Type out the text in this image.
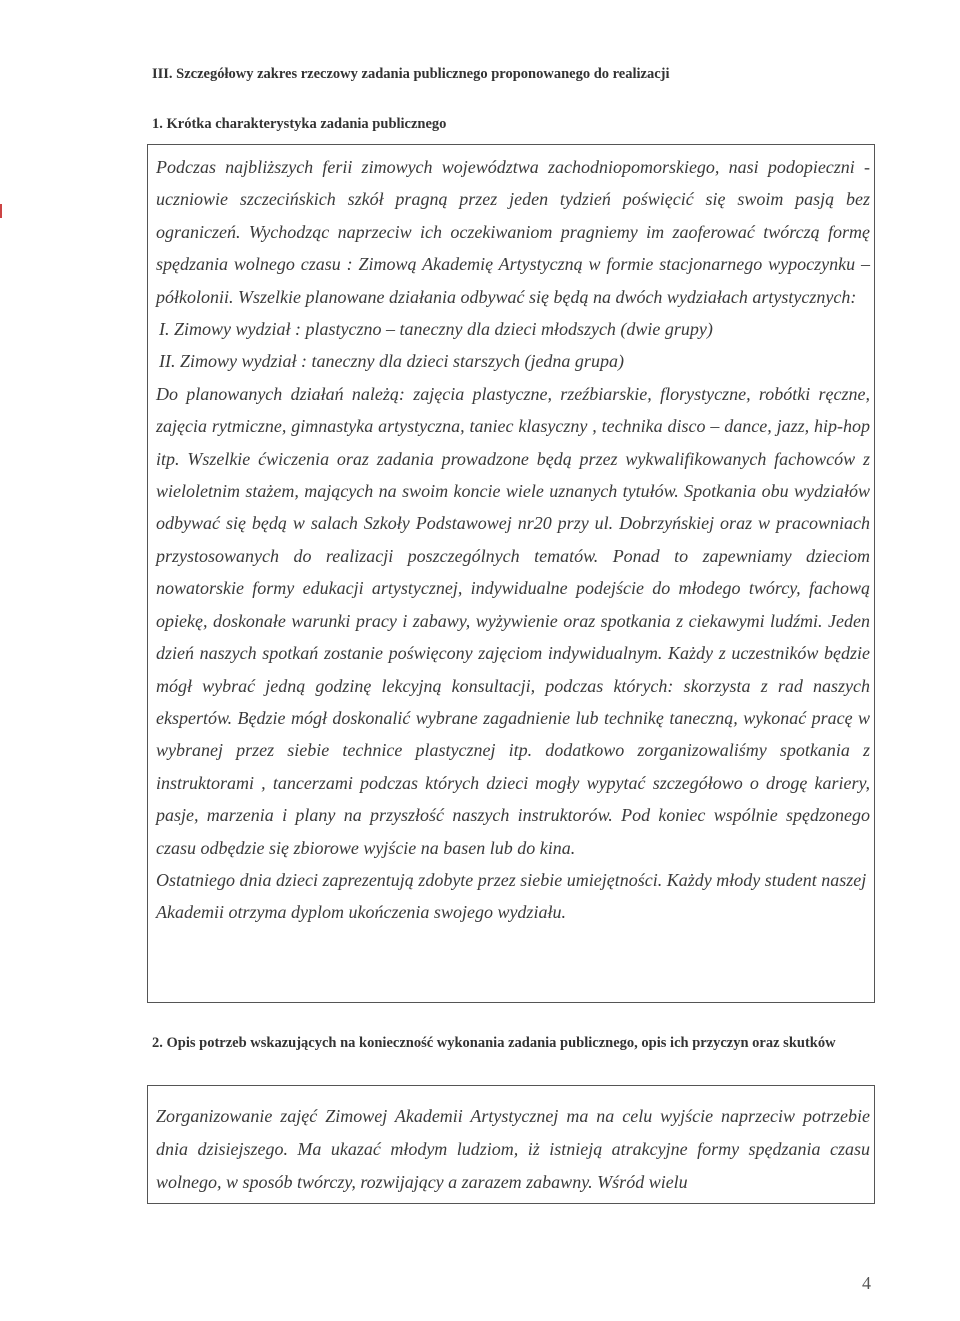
III. Szczegółowy zakres rzeczowy zadania publicznego proponowanego do realizacji
1. Krótka charakterystyka zadania publicznego

Podczas najbliższych ferii zimowych województwa zachodniopomorskiego, nasi podopieczni - uczniowie szczecińskich szkół pragną przez jeden tydzień poświęcić się swoim pasją bez ograniczeń. Wychodząc naprzeciw ich oczekiwaniom pragniemy im zaoferować twórczą formę spędzania wolnego czasu : Zimową Akademię Artystyczną w formie stacjonarnego wypoczynku – półkolonii. Wszelkie planowane działania odbywać się będą na dwóch wydziałach artystycznych:

I. Zimowy wydział : plastyczno – taneczny dla dzieci młodszych (dwie grupy)

II. Zimowy wydział : taneczny dla dzieci starszych (jedna grupa)

Do planowanych działań należą: zajęcia plastyczne, rzeźbiarskie, florystyczne, robótki ręczne, zajęcia rytmiczne, gimnastyka artystyczna, taniec klasyczny , technika disco – dance, jazz, hip-hop itp. Wszelkie ćwiczenia oraz zadania prowadzone będą przez wykwalifikowanych fachowców z wieloletnim stażem, mających na swoim koncie wiele uznanych tytułów. Spotkania obu wydziałów odbywać się będą w salach Szkoły Podstawowej nr20 przy ul. Dobrzyńskiej oraz w pracowniach przystosowanych do realizacji poszczególnych tematów. Ponad to zapewniamy dzieciom nowatorskie formy edukacji artystycznej, indywidualne podejście do młodego twórcy, fachową opiekę, doskonałe warunki pracy i zabawy, wyżywienie oraz spotkania z ciekawymi ludźmi. Jeden dzień naszych spotkań zostanie poświęcony zajęciom indywidualnym. Każdy z uczestników będzie mógł wybrać jedną godzinę lekcyjną konsultacji, podczas których: skorzysta z rad naszych ekspertów. Będzie mógł doskonalić wybrane zagadnienie lub technikę taneczną, wykonać pracę w wybranej przez siebie technice plastycznej itp. dodatkowo zorganizowaliśmy spotkania z instruktorami , tancerzami podczas których dzieci mogły wypytać szczegółowo o drogę kariery, pasje, marzenia i plany na przyszłość naszych instruktorów. Pod koniec wspólnie spędzonego czasu odbędzie się zbiorowe wyjście na basen lub do kina.

Ostatniego dnia dzieci zaprezentują zdobyte przez siebie umiejętności. Każdy młody student naszej Akademii otrzyma dyplom ukończenia swojego wydziału.

2. Opis potrzeb wskazujących na konieczność wykonania zadania publicznego, opis ich przyczyn oraz skutków

Zorganizowanie zajęć Zimowej Akademii Artystycznej ma na celu wyjście naprzeciw potrzebie dnia dzisiejszego. Ma ukazać młodym ludziom, iż istnieją atrakcyjne formy spędzania czasu wolnego, w sposób twórczy, rozwijający a zarazem zabawny. Wśród wielu

4
